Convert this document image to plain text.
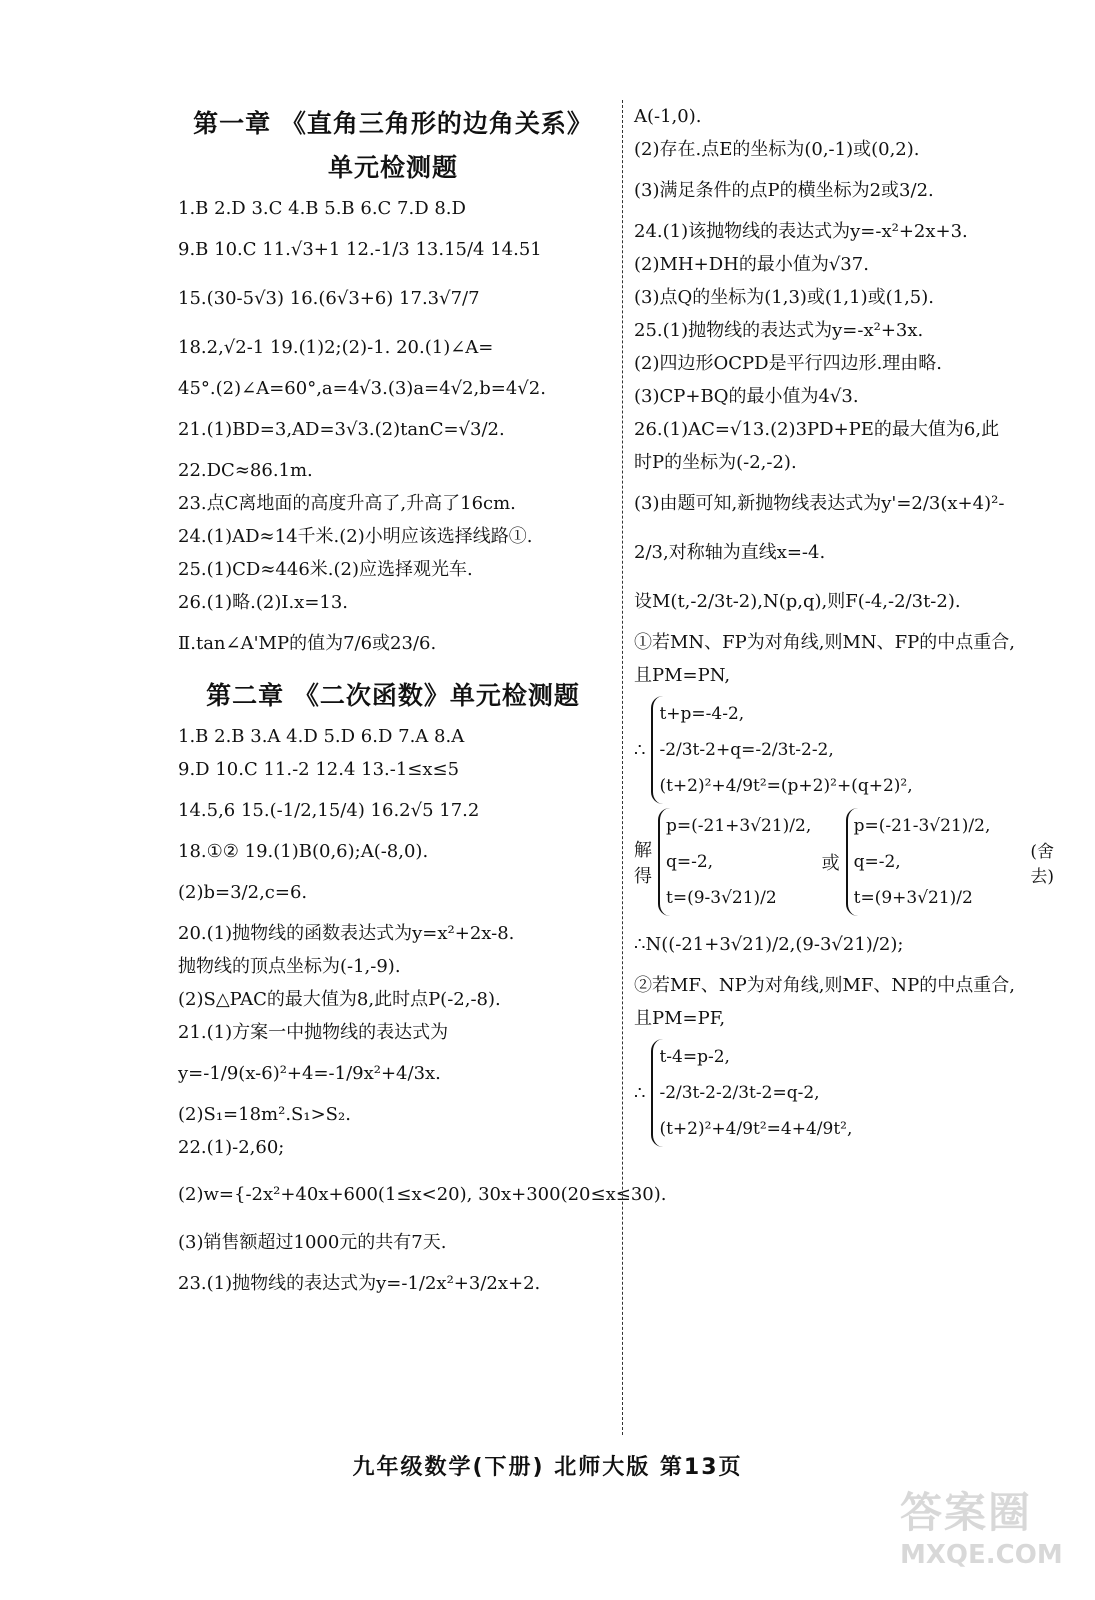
第一章 《直角三角形的边角关系》
单元检测题
1.B 2.D 3.C 4.B 5.B 6.C 7.D 8.D
9.B 10.C 11.√3+1 12.-1/3 13.15/4 14.51
15.(30-5√3) 16.(6√3+6) 17.3√7/7
18.2,√2-1 19.(1)2;(2)-1. 20.(1)∠A=
45°.(2)∠A=60°,a=4√3.(3)a=4√2,b=4√2.
21.(1)BD=3,AD=3√3.(2)tanC=√3/2.
22.DC≈86.1m.
23.点C离地面的高度升高了,升高了16cm.
24.(1)AD≈14千米.(2)小明应该选择线路①.
25.(1)CD≈446米.(2)应选择观光车.
26.(1)略.(2)Ⅰ.x=13.
Ⅱ.tan∠A'MP的值为7/6或23/6.
第二章 《二次函数》单元检测题
1.B 2.B 3.A 4.D 5.D 6.D 7.A 8.A
9.D 10.C 11.-2 12.4 13.-1≤x≤5
14.5,6 15.(-1/2,15/4) 16.2√5 17.2
18.①② 19.(1)B(0,6);A(-8,0).
(2)b=3/2,c=6.
20.(1)抛物线的函数表达式为y=x²+2x-8.
抛物线的顶点坐标为(-1,-9).
(2)S△PAC的最大值为8,此时点P(-2,-8).
21.(1)方案一中抛物线的表达式为
y=-1/9(x-6)²+4=-1/9x²+4/3x.
(2)S₁=18m².S₁>S₂.
22.(1)-2,60;
(2)w={-2x²+40x+600(1≤x<20), 30x+300(20≤x≤30).
(3)销售额超过1000元的共有7天.
23.(1)抛物线的表达式为y=-1/2x²+3/2x+2.
A(-1,0).
(2)存在.点E的坐标为(0,-1)或(0,2).
(3)满足条件的点P的横坐标为2或3/2.
24.(1)该抛物线的表达式为y=-x²+2x+3.
(2)MH+DH的最小值为√37.
(3)点Q的坐标为(1,3)或(1,1)或(1,5).
25.(1)抛物线的表达式为y=-x²+3x.
(2)四边形OCPD是平行四边形.理由略.
(3)CP+BQ的最小值为4√3.
26.(1)AC=√13.(2)3PD+PE的最大值为6,此
时P的坐标为(-2,-2).
(3)由题可知,新抛物线表达式为y'=2/3(x+4)²-
2/3,对称轴为直线x=-4.
设M(t,-2/3t-2),N(p,q),则F(-4,-2/3t-2).
①若MN、FP为对角线,则MN、FP的中点重合,
且PM=PN,
∴
t+p=-4-2,
-2/3t-2+q=-2/3t-2-2,
(t+2)²+4/9t²=(p+2)²+(q+2)²,
解得
p=(-21+3√21)/2,
q=-2,
t=(9-3√21)/2
或
p=(-21-3√21)/2,
q=-2,
t=(9+3√21)/2
(舍去)
∴N((-21+3√21)/2,(9-3√21)/2);
②若MF、NP为对角线,则MF、NP的中点重合,
且PM=PF,
∴
t-4=p-2,
-2/3t-2-2/3t-2=q-2,
(t+2)²+4/9t²=4+4/9t²,
九年级数学(下册) 北师大版 第13页
答案圈
MXQE.COM
